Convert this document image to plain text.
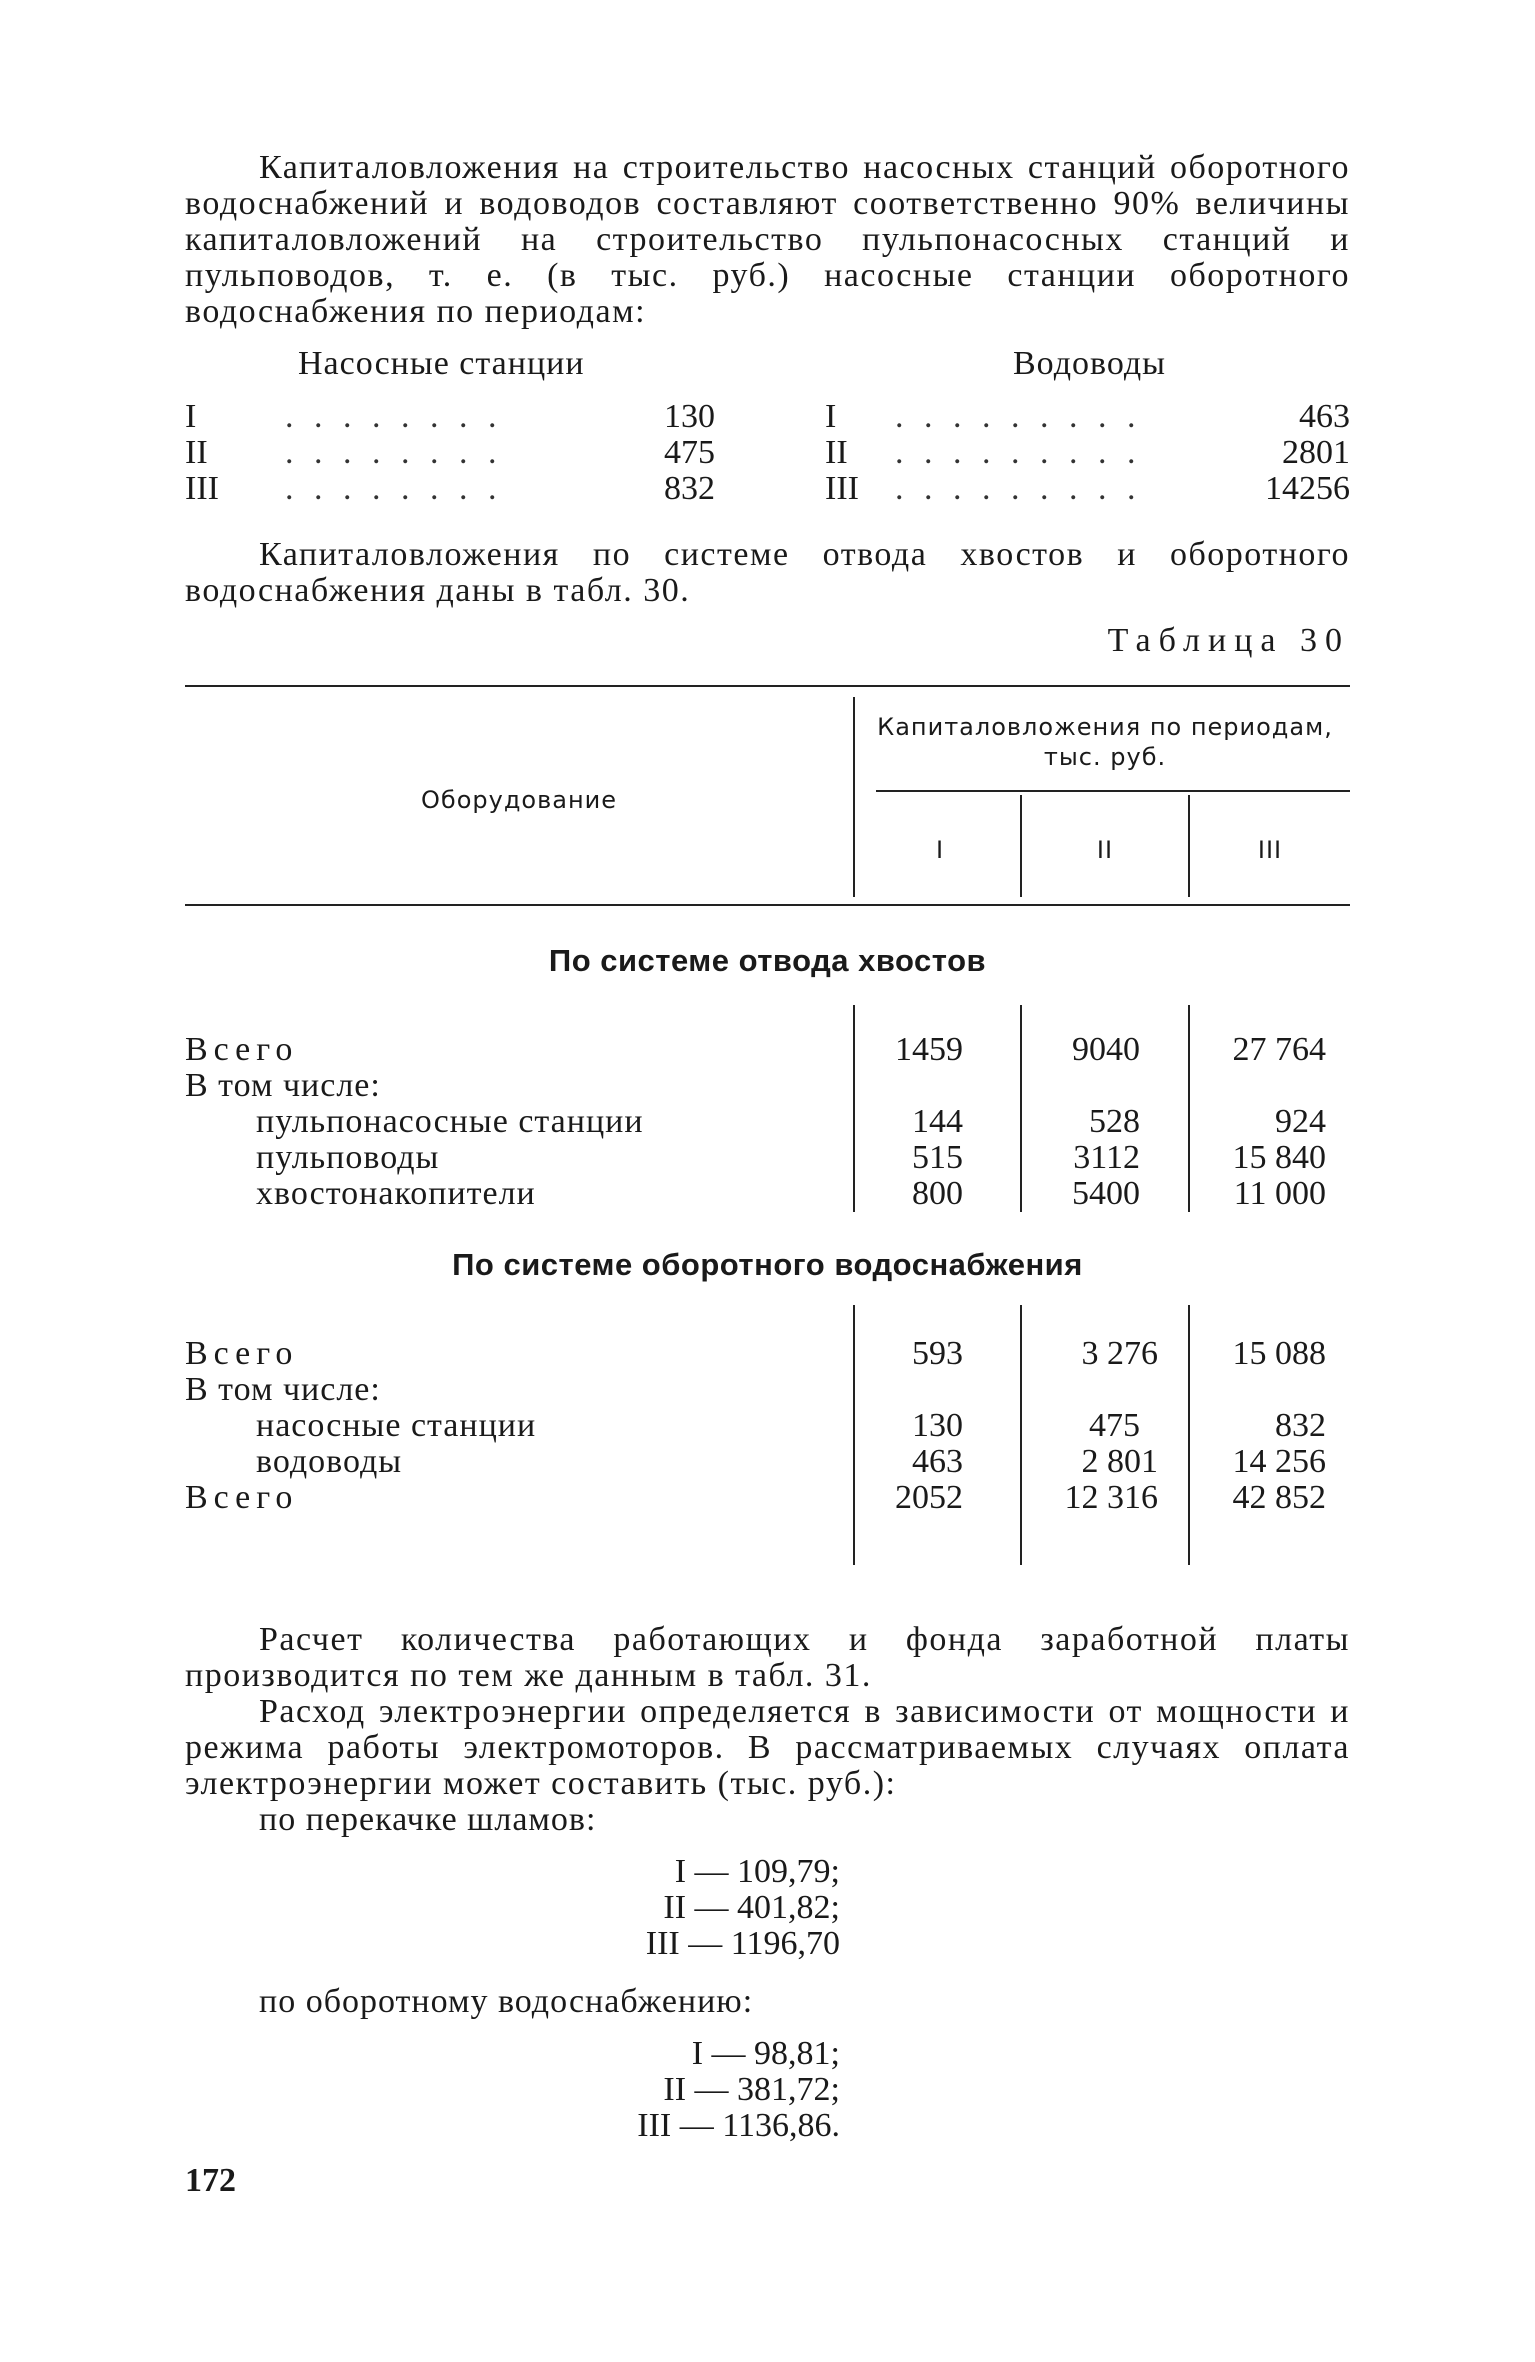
Капиталовложения на строительство насосных станций оборотного водоснабжений и водоводов составляют соответственно 90% величины капиталовложений на строительство пульпонасосных станций и пульповодов, т. е. (в тыс. руб.) насосные станции оборотного водоснабжения по периодам:

Насосные станции	Водоводы
I	. . . . . . . .	130
II . . . . . . . .	475
III . . . . . . . .	832
I . . . . . . . . .	463
II . . . . . . . . .	2801
III . . . . . . . . .	14256

Капиталовложения по системе отвода хвостов и оборотного водоснабжения даны в табл. 30.

Таблица 30
Капиталовложения по периодам, тыс. руб.
Оборудование
I	II	III
По системе отвода хвостов
Всего	1459	9040	27 764
В том числе:
пульпонасосные станции	144	528	924
пульповоды	515	3112	15 840
хвостонакопители	800	5400	11 000
По системе оборотного водоснабжения
Всего	593	3 276	15 088
В том числе:
насосные станции	130	475	832
водоводы	463	2 801	14 256
Всего	2052	12 316	42 852

Расчет количества работающих и фонда заработной платы производится по тем же данным в табл. 31.

Расход электроэнергии определяется в зависимости от мощности и режима работы электромоторов. В рассматриваемых случаях оплата электроэнергии может составить (тыс. руб.):

по перекачке шламов:
I — 109,79;
II — 401,82;
III — 1196,70
по оборотному водоснабжению:
I — 98,81;
II — 381,72;
III — 1136,86.
172
